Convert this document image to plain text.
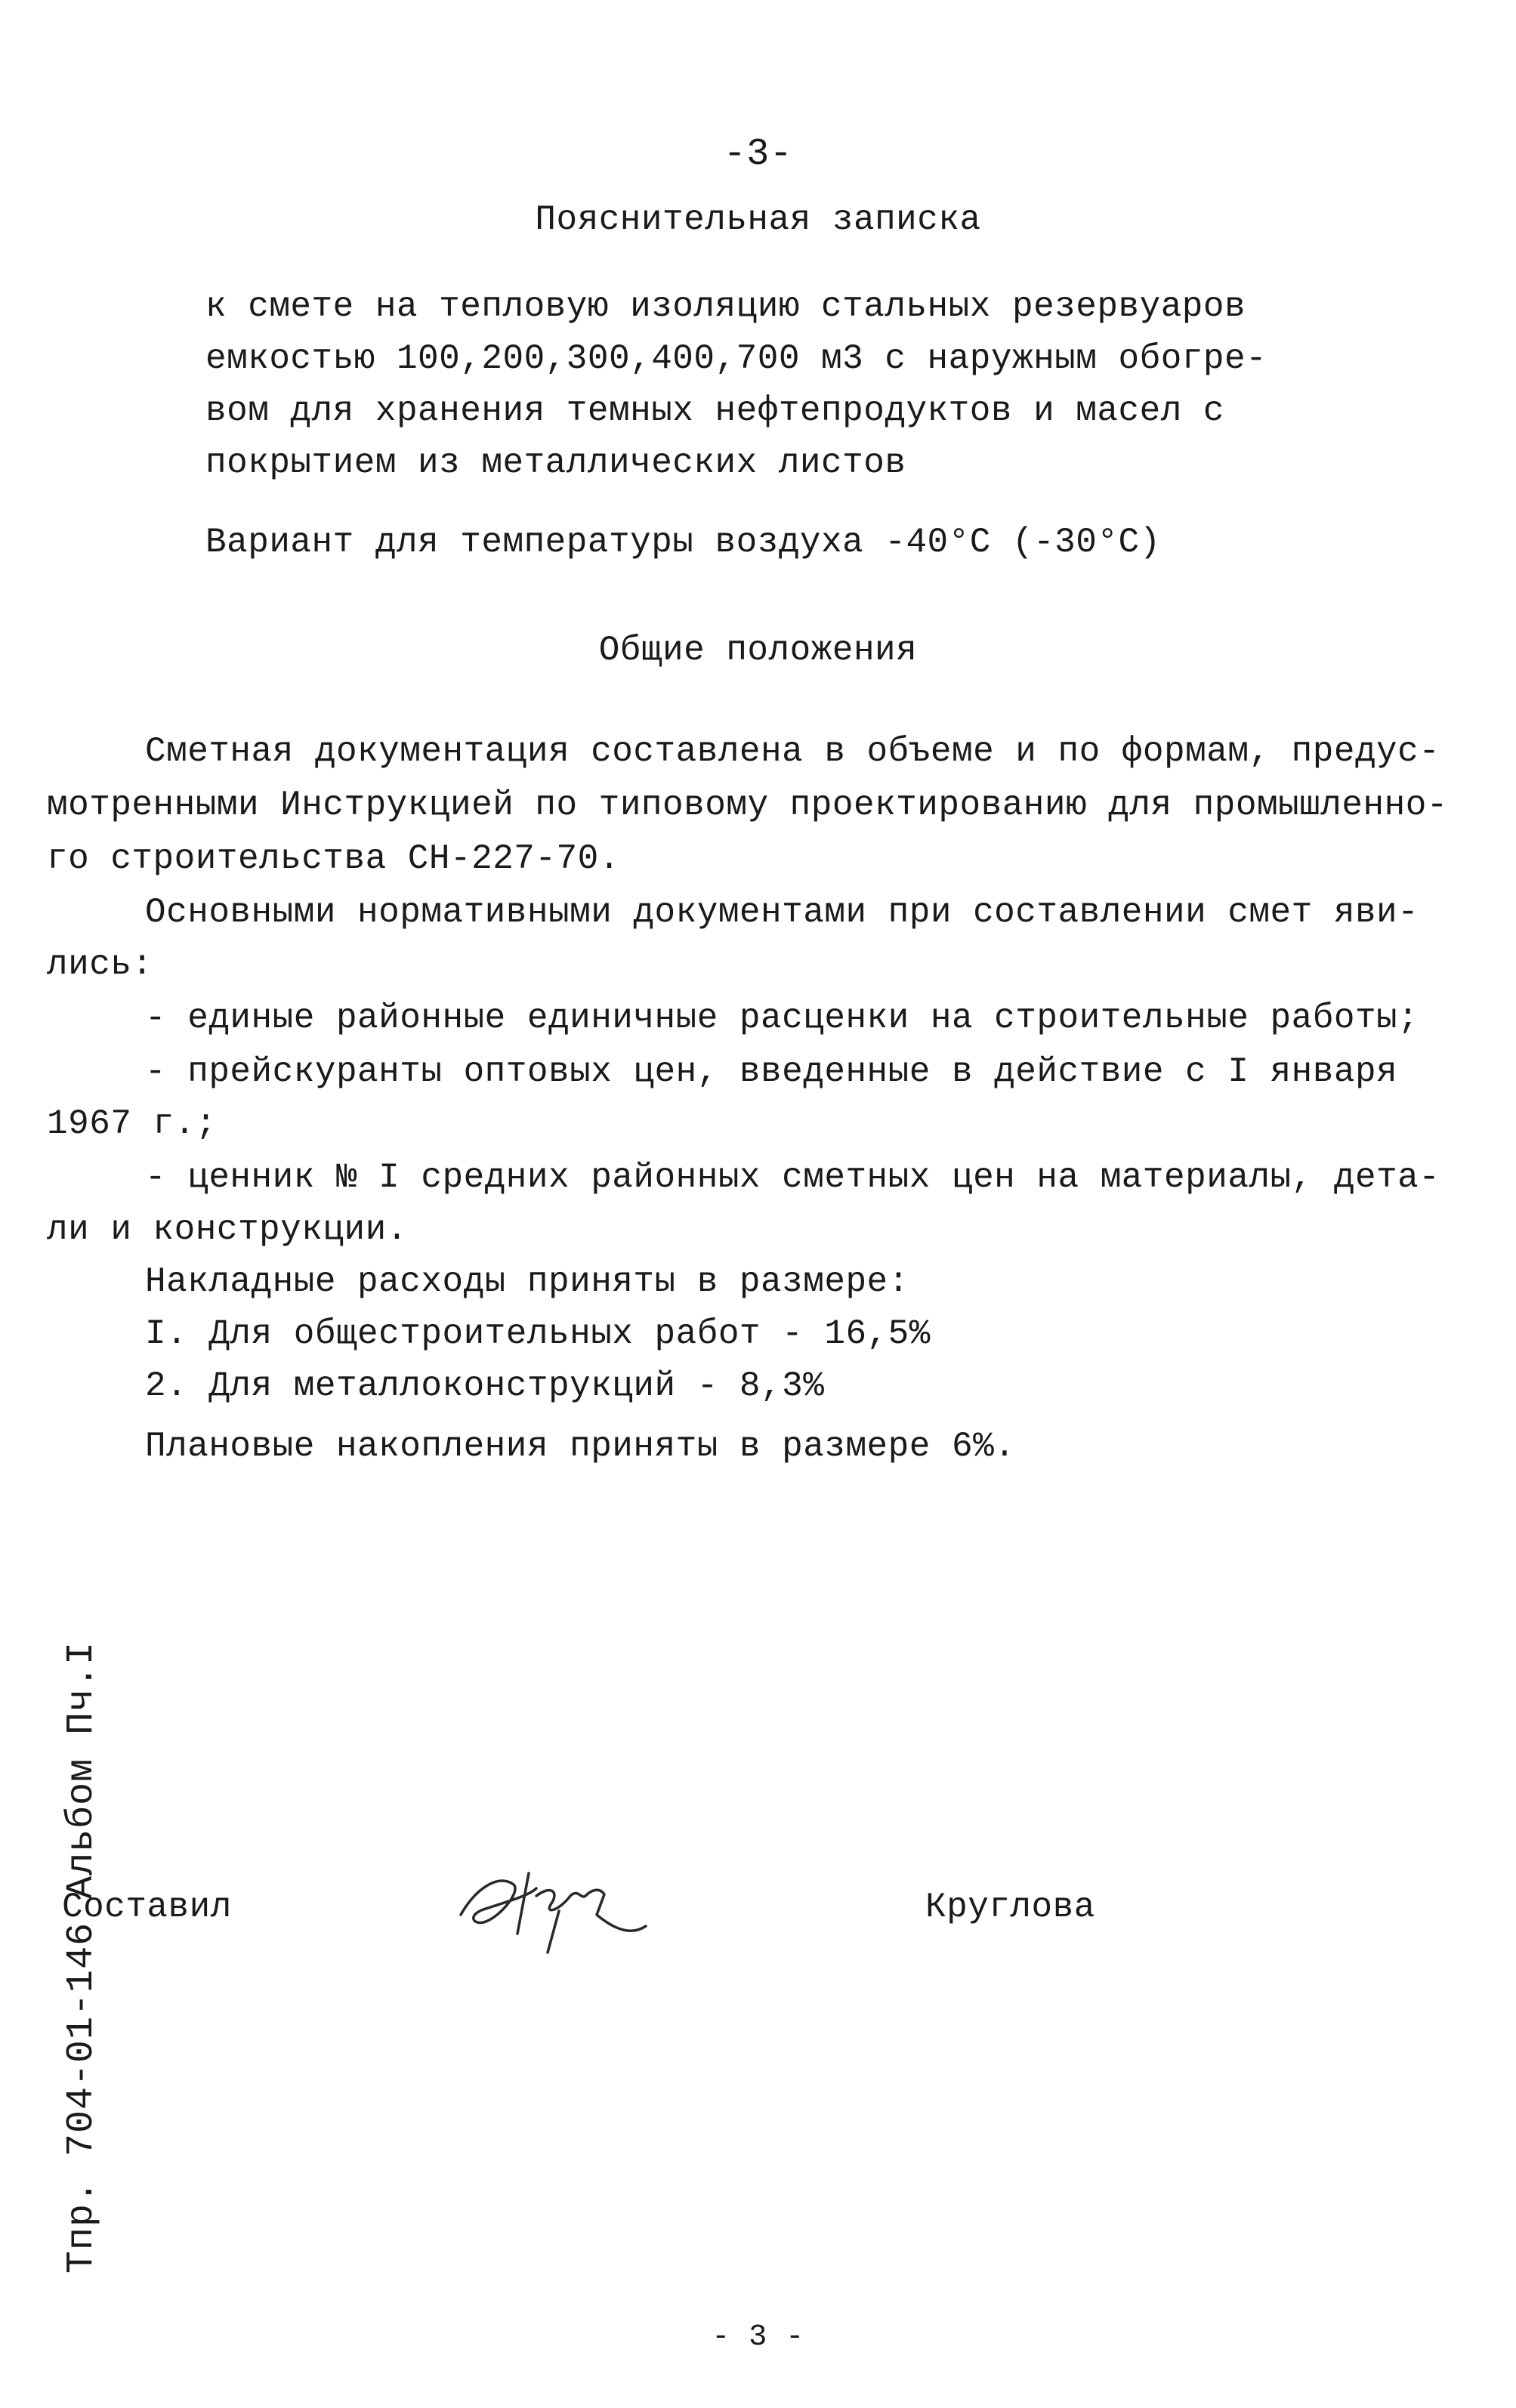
-3-
Пояснительная записка
к смете на тепловую изоляцию стальных резервуаров
емкостью 100,200,300,400,700 м3 с наружным обогре-
вом для хранения темных нефтепродуктов и масел с
покрытием из металлических листов
Вариант для температуры воздуха -40°С (-30°С)
Общие положения
Сметная документация составлена в объеме и по формам, предус-
мотренными Инструкцией по типовому проектированию для промышленно-
го строительства СН-227-70.
Основными нормативными документами при составлении смет яви-
лись:
- единые районные единичные расценки на строительные работы;
- прейскуранты оптовых цен, введенные в действие с I января
1967 г.;
- ценник № I средних районных сметных цен на материалы, дета-
ли и конструкции.
Накладные расходы приняты в размере:
I. Для общестроительных работ - 16,5%
2. Для металлоконструкций - 8,3%
Плановые накопления приняты в размере 6%.
Составил	Круглова
Тпр. 704-01-146 Альбом Пч.I
- 3 -
